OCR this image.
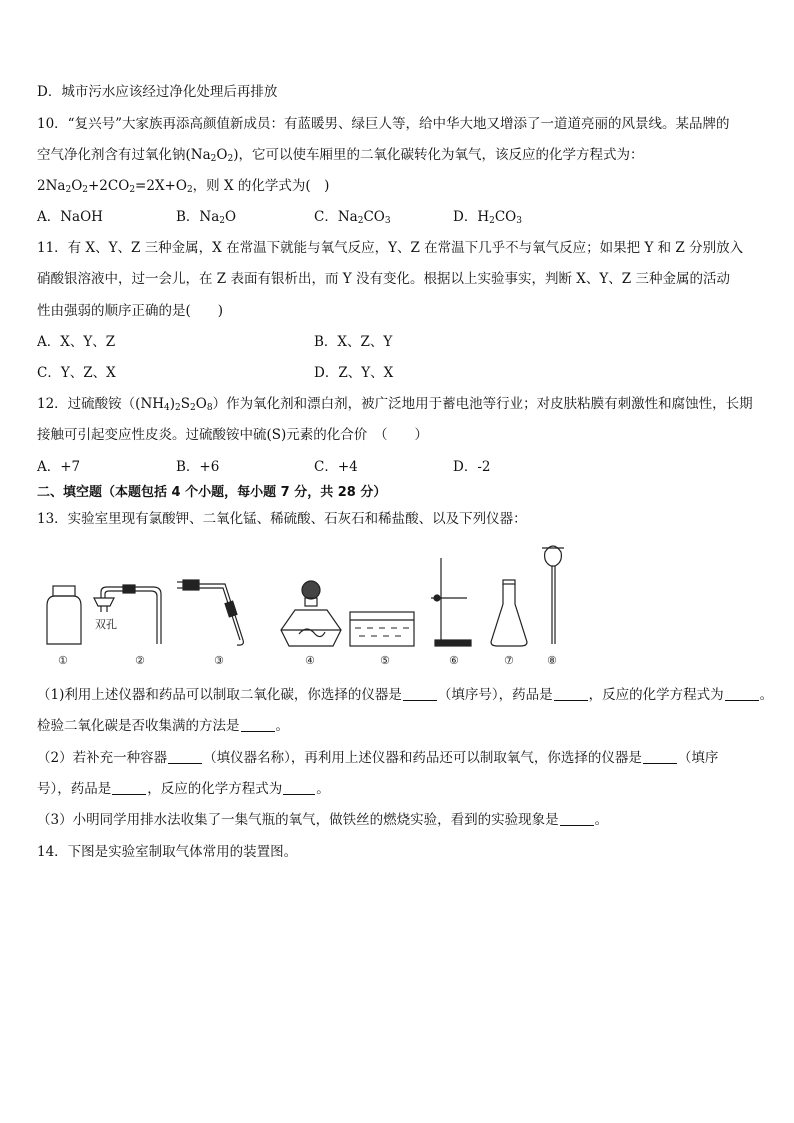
D．城市污水应该经过净化处理后再排放
10．“复兴号”大家族再添高颜值新成员：有蓝暖男、绿巨人等，给中华大地又增添了一道道亮丽的风景线。某品牌的
空气净化剂含有过氧化钠$(Na_2O_2)$，它可以使车厢里的二氧化碳转化为氧气，该反应的化学方程式为：
$2Na_2O_2+2CO_2=2X+O_2$，则 X 的化学式为(　)
A．NaOH	B．$Na_2O$	C．$Na_2CO_3$	D．$H_2CO_3$
11．有 X、Y、Z 三种金属，X 在常温下就能与氧气反应，Y、Z 在常温下几乎不与氧气反应；如果把 Y 和 Z 分别放入
硝酸银溶液中，过一会儿，在 Z 表面有银析出，而 Y 没有变化。根据以上实验事实，判断 X、Y、Z 三种金属的活动
性由强弱的顺序正确的是(　　)
A．X、Y、Z	B．X、Z、Y
C．Y、Z、X	D．Z、Y、X
12．过硫酸铵$((NH_4)_2S_2O_8)$作为氧化剂和漂白剂，被广泛地用于蓄电池等行业；对皮肤粘膜有刺激性和腐蚀性，长期
接触可引起变应性皮炎。过硫酸铵中硫(S)元素的化合价　（　　）
A．+7	B．+6	C．+4	D．-2
二、填空题（本题包括 4 个小题，每小题 7 分，共 28 分）
13．实验室里现有氯酸钾、二氧化锰、稀硫酸、石灰石和稀盐酸、以及下列仪器：
双孔
①	②	③	④	⑤	⑥	⑦	⑧
（1)利用上述仪器和药品可以制取二氧化碳，你选择的仪器是	（填序号），药品是	，反应的化学方程式为	。
检验二氧化碳是否收集满的方法是	。
（2）若补充一种容器	（填仪器名称），再利用上述仪器和药品还可以制取氧气，你选择的仪器是	（填序
号），药品是	，反应的化学方程式为	。
（3）小明同学用排水法收集了一集气瓶的氧气，做铁丝的燃烧实验，看到的实验现象是	。
14．下图是实验室制取气体常用的装置图。
